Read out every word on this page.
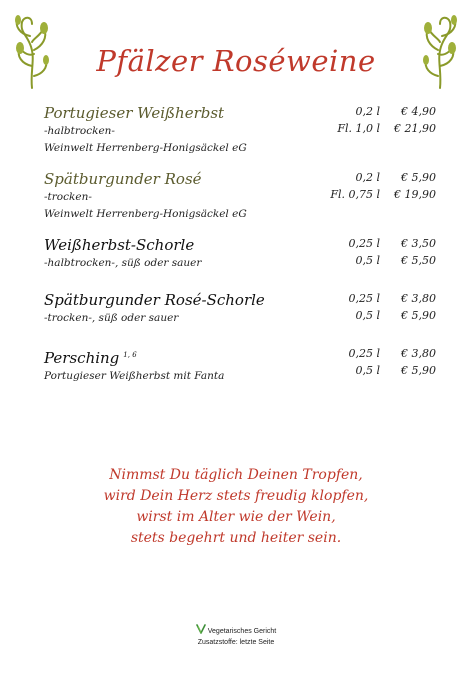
Pfälzer Roséweine
Portugieser Weißherbst
-halbtrocken-
Weinwelt Herrenberg-Honigsäckel eG
0,2 l € 4,90
Fl. 1,0 l € 21,90
Spätburgunder Rosé
-trocken-
Weinwelt Herrenberg-Honigsäckel eG
0,2 l € 5,90
Fl. 0,75 l € 19,90
Weißherbst-Schorle
-halbtrocken-, süß oder sauer
0,25 l € 3,50
0,5 l € 5,50
Spätburgunder Rosé-Schorle
-trocken-, süß oder sauer
0,25 l € 3,80
0,5 l € 5,90
Persching $^{1, 6}$
Portugieser Weißherbst mit Fanta
0,25 l € 3,80
0,5 l € 5,90
Nimmst Du täglich Deinen Tropfen,
wird Dein Herz stets freudig klopfen,
wirst im Alter wie der Wein,
stets begehrt und heiter sein.
Vegetarisches Gericht
Zusatzstoffe: letzte Seite
